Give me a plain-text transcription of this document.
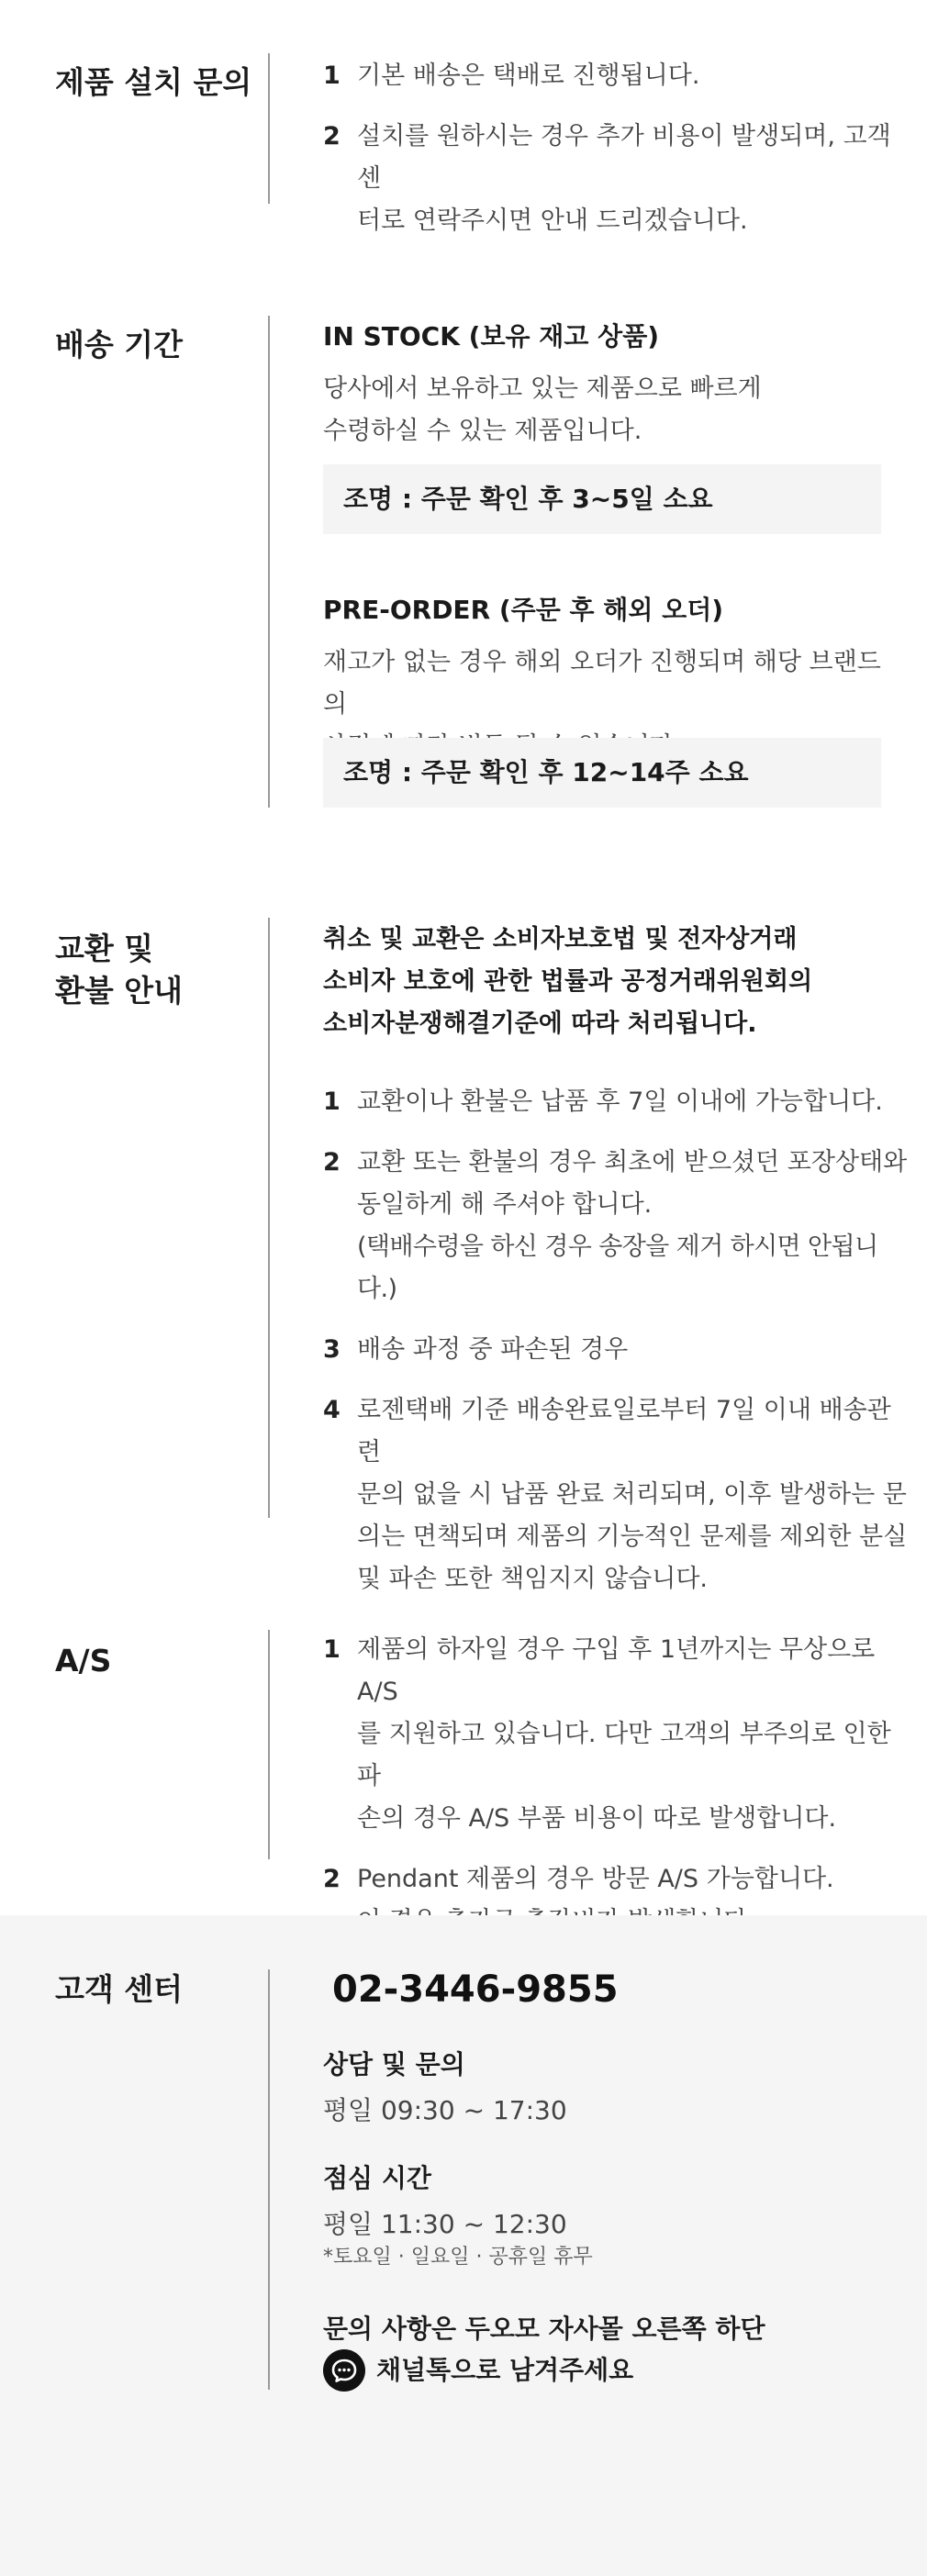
제품 설치 문의	1 기본 배송은 택배로 진행됩니다.
2 설치를 원하시는 경우 추가 비용이 발생되며, 고객 센
터로 연락주시면 안내 드리겠습니다.
배송 기간	IN STOCK (보유 재고 상품)
당사에서 보유하고 있는 제품으로 빠르게
수령하실 수 있는 제품입니다.
조명 : 주문 확인 후 3~5일 소요
PRE-ORDER (주문 후 해외 오더)
재고가 없는 경우 해외 오더가 진행되며 해당 브랜드의

조명 : 주문 확인 후 12~14주 소요
교환 및
환불 안내
취소 및 교환은 소비자보호법 및 전자상거래
소비자 보호에 관한 법률과 공정거래위원회의
소비자분쟁해결기준에 따라 처리됩니다.
1 교환이나 환불은 납품 후 7일 이내에 가능합니다.
2 교환 또는 환불의 경우 최초에 받으셨던 포장상태와
동일하게 해 주셔야 합니다.
(택배수령을 하신 경우 송장을 제거 하시면 안됩니다.)
3 배송 과정 중 파손된 경우
4 로젠택배 기준 배송완료일로부터 7일 이내 배송관련
문의 없을 시 납품 완료 처리되며, 이후 발생하는 문
의는 면책되며 제품의 기능적인 문제를 제외한 분실
및 파손 또한 책임지지 않습니다.
A/S	1 제품의 하자일 경우 구입 후 1년까지는 무상으로 A/S
를 지원하고 있습니다. 다만 고객의 부주의로 인한 파
손의 경우 A/S 부품 비용이 따로 발생합니다.
2 Pendant 제품의 경우 방문 A/S 가능합니다.

고객 센터	02-3446-9855
상담 및 문의
평일 09:30 ~ 17:30
점심 시간
평일 11:30 ~ 12:30
*토요일 · 일요일 · 공휴일 휴무
문의 사항은 두오모 자사몰 오른쪽 하단
채널톡으로 남겨주세요
